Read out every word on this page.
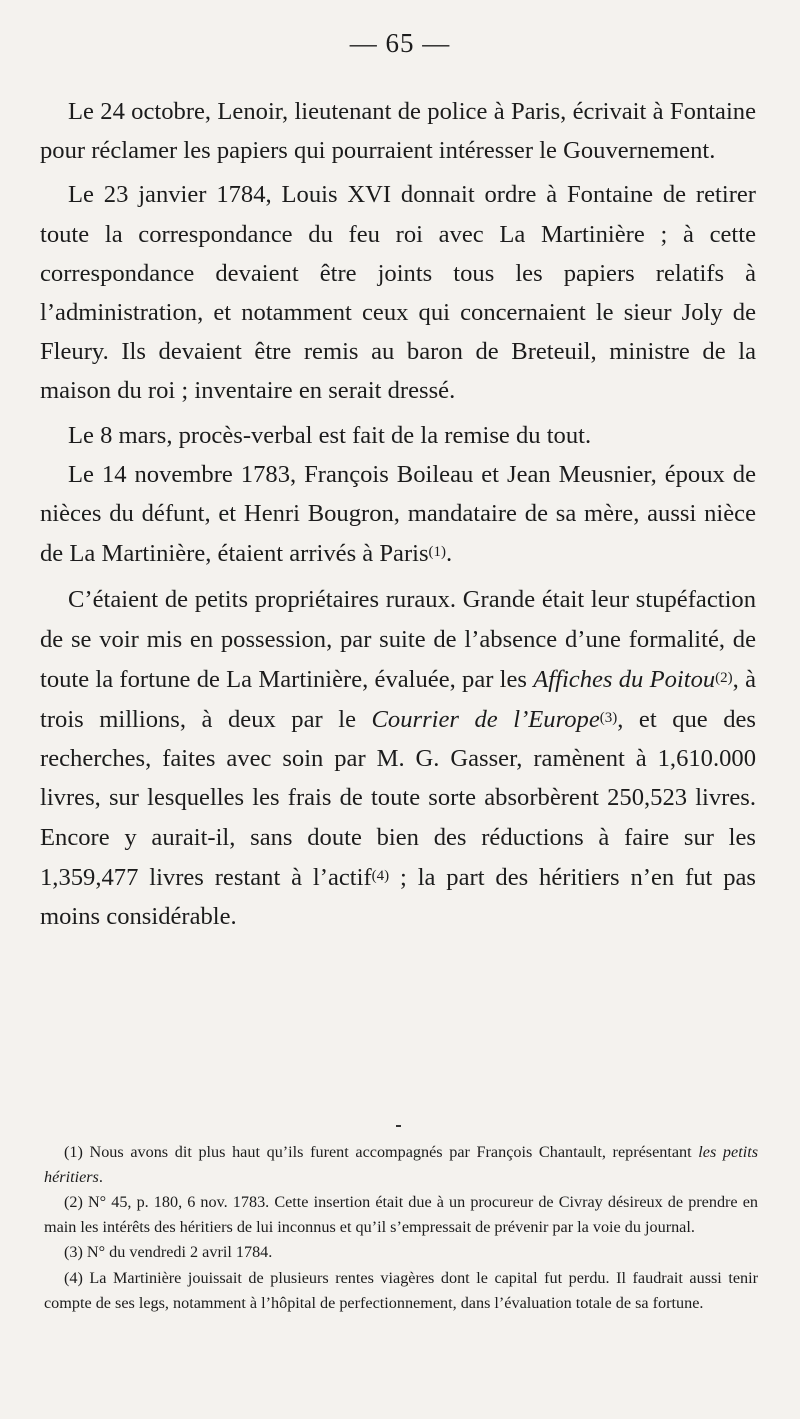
— 65 —

Le 24 octobre, Lenoir, lieutenant de police à Paris, écrivait à Fontaine pour réclamer les papiers qui pourraient intéresser le Gouvernement.

Le 23 janvier 1784, Louis XVI donnait ordre à Fontaine de retirer toute la correspondance du feu roi avec La Martinière ; à cette correspondance devaient être joints tous les papiers relatifs à l’administration, et notamment ceux qui concernaient le sieur Joly de Fleury. Ils devaient être remis au baron de Breteuil, ministre de la maison du roi ; inventaire en serait dressé.

Le 8 mars, procès-verbal est fait de la remise du tout.

Le 14 novembre 1783, François Boileau et Jean Meusnier, époux de nièces du défunt, et Henri Bougron, mandataire de sa mère, aussi nièce de La Martinière, étaient arrivés à Paris$^{(1)}$.

C’étaient de petits propriétaires ruraux. Grande était leur stupéfaction de se voir mis en possession, par suite de l’absence d’une formalité, de toute la fortune de La Martinière, évaluée, par les Affiches du Poitou$^{(2)}$, à trois millions, à deux par le Courrier de l’Europe$^{(3)}$, et que des recherches, faites avec soin par M. G. Gasser, ramènent à 1,610.000 livres, sur lesquelles les frais de toute sorte absorbèrent 250,523 livres. Encore y aurait-il, sans doute bien des réductions à faire sur les 1,359,477 livres restant à l’actif$^{(4)}$ ; la part des héritiers n’en fut pas moins considérable.

(1) Nous avons dit plus haut qu’ils furent accompagnés par François Chantault, représentant les petits héritiers.

(2) N° 45, p. 180, 6 nov. 1783. Cette insertion était due à un procureur de Civray désireux de prendre en main les intérêts des héritiers de lui inconnus et qu’il s’empressait de prévenir par la voie du journal.

(3) N° du vendredi 2 avril 1784.

(4) La Martinière jouissait de plusieurs rentes viagères dont le capital fut perdu. Il faudrait aussi tenir compte de ses legs, notamment à l’hôpital de perfectionnement, dans l’évaluation totale de sa fortune.
